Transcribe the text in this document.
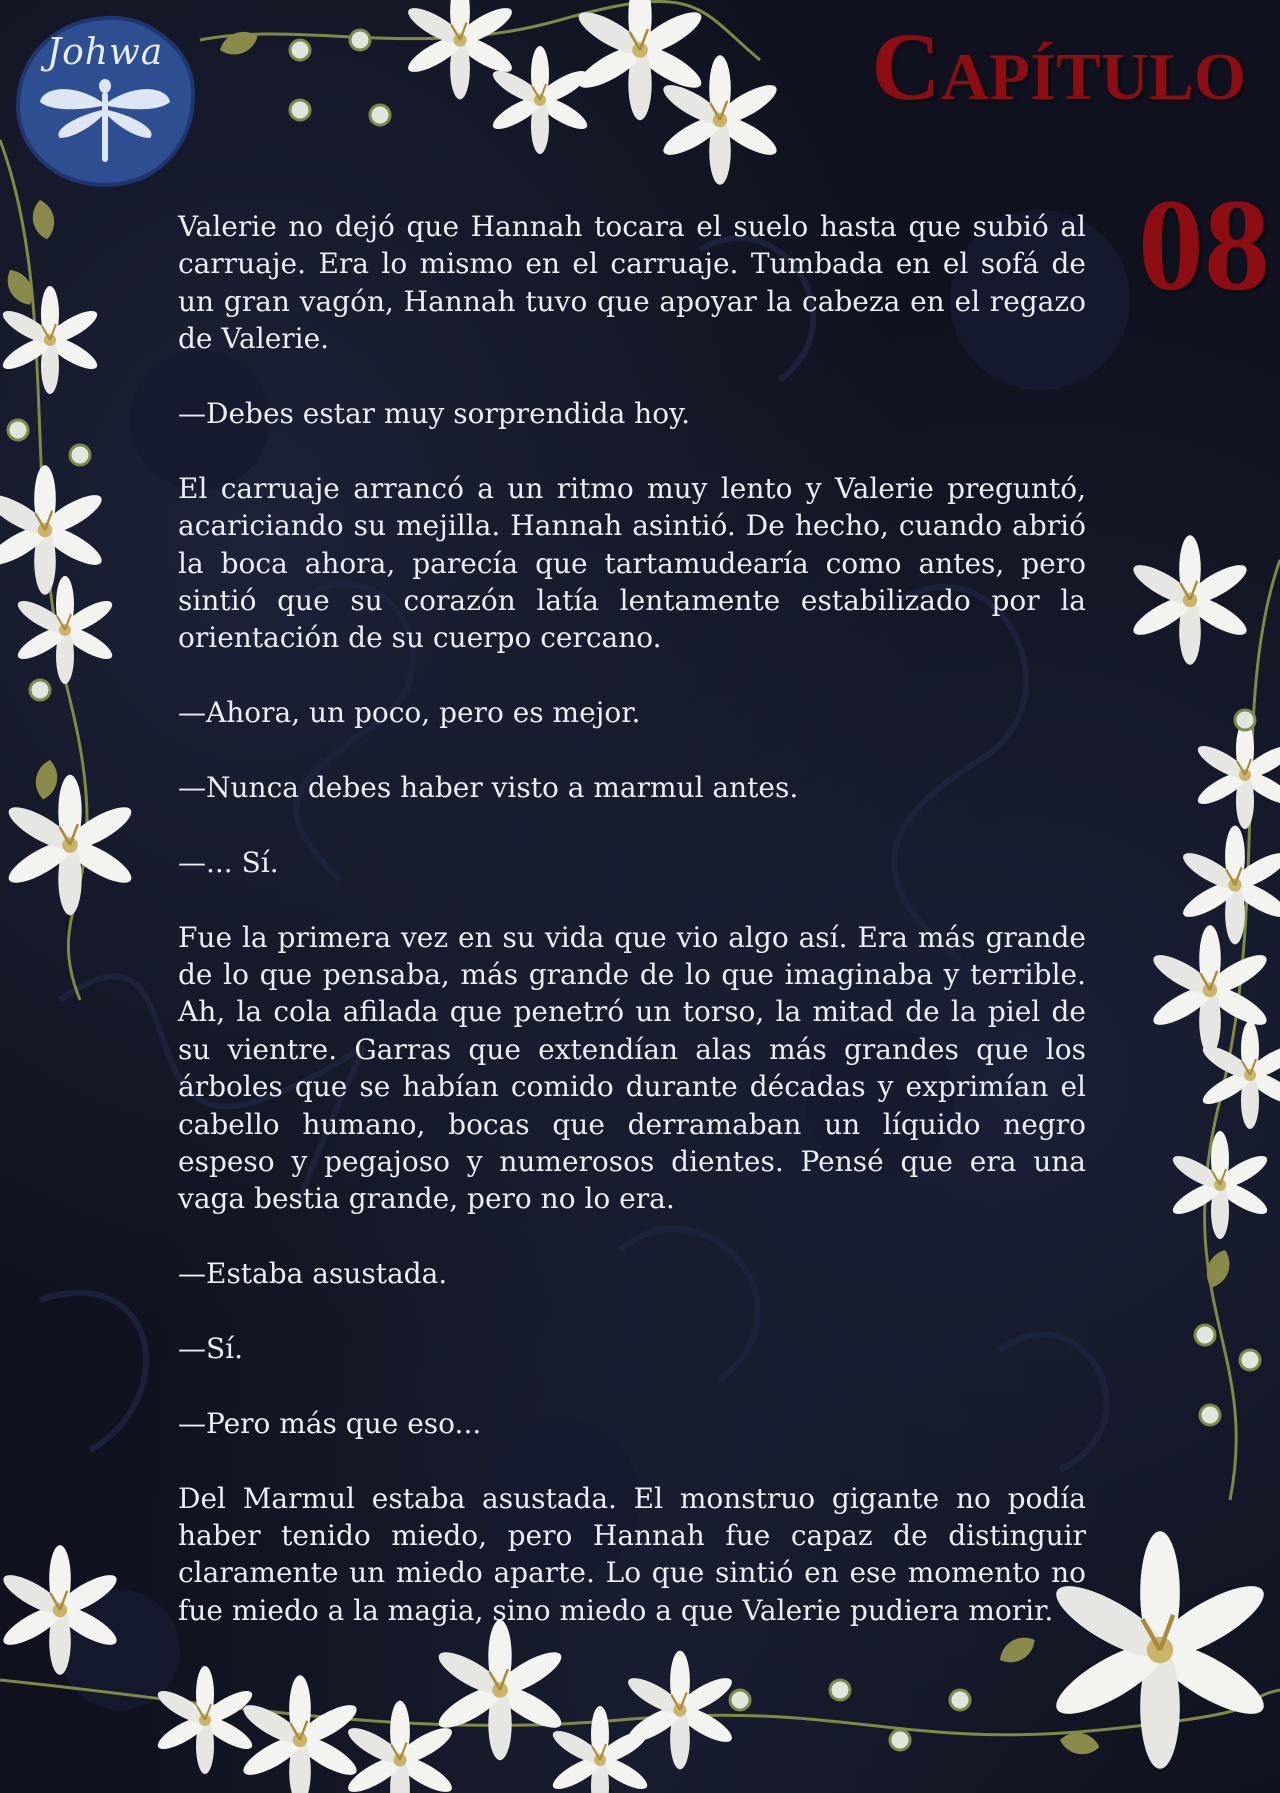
Johwa	Capítulo
08

Valerie no dejó que Hannah tocara el suelo hasta que subió al carruaje. Era lo mismo en el carruaje. Tumbada en el sofá de un gran vagón, Hannah tuvo que apoyar la cabeza en el regazo de Valerie.

—Debes estar muy sorprendida hoy.

El carruaje arrancó a un ritmo muy lento y Valerie preguntó, acariciando su mejilla. Hannah asintió. De hecho, cuando abrió la boca ahora, parecía que tartamudearía como antes, pero sintió que su corazón latía lentamente estabilizado por la orientación de su cuerpo cercano.

—Ahora, un poco, pero es mejor.

—Nunca debes haber visto a marmul antes.

—... Sí.

Fue la primera vez en su vida que vio algo así. Era más grande de lo que pensaba, más grande de lo que imaginaba y terrible. Ah, la cola afilada que penetró un torso, la mitad de la piel de su vientre. Garras que extendían alas más grandes que los árboles que se habían comido durante décadas y exprimían el cabello humano, bocas que derramaban un líquido negro espeso y pegajoso y numerosos dientes. Pensé que era una vaga bestia grande, pero no lo era.

—Estaba asustada.

—Sí.

—Pero más que eso...

Del Marmul estaba asustada. El monstruo gigante no podía haber tenido miedo, pero Hannah fue capaz de distinguir claramente un miedo aparte. Lo que sintió en ese momento no fue miedo a la magia, sino miedo a que Valerie pudiera morir.
